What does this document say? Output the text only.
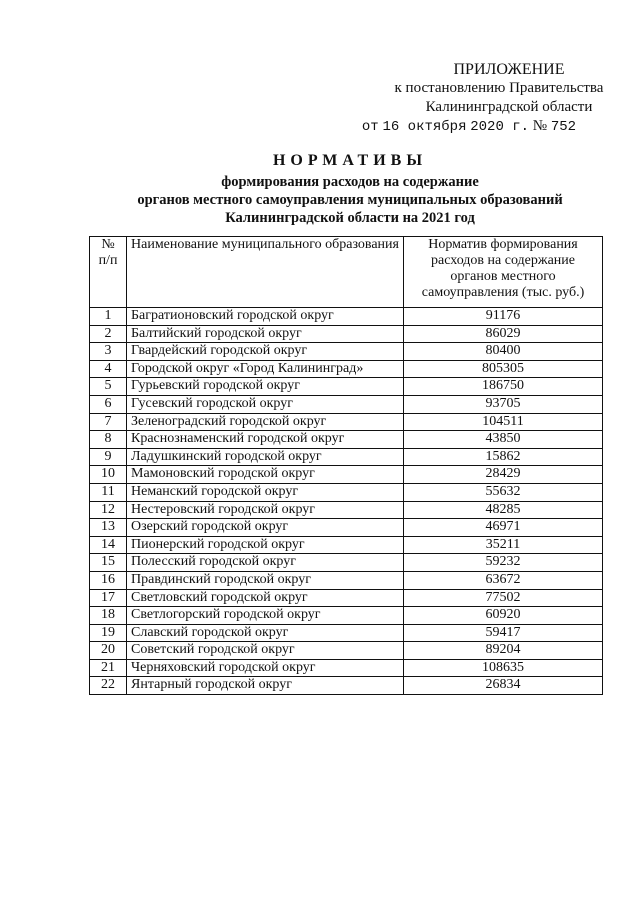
ПРИЛОЖЕНИЕ
к постановлению Правительства
Калининградской области
от 16 октября 2020 г. № 752
НОРМАТИВЫ
формирования расходов на содержание
органов местного самоуправления муниципальных образований
Калининградской области на 2021 год
№ п/п	Наименование муниципального образования	Норматив формирования расходов на содержание органов местного самоуправления (тыс. руб.)
1	Багратионовский городской округ	91176
2	Балтийский городской округ	86029
3	Гвардейский городской округ	80400
4	Городской округ «Город Калининград»	805305
5	Гурьевский городской округ	186750
6	Гусевский городской округ	93705
7	Зеленоградский городской округ	104511
8	Краснознаменский городской округ	43850
9	Ладушкинский городской округ	15862
10	Мамоновский городской округ	28429
11	Неманский городской округ	55632
12	Нестеровский городской округ	48285
13	Озерский городской округ	46971
14	Пионерский городской округ	35211
15	Полесский городской округ	59232
16	Правдинский городской округ	63672
17	Светловский городской округ	77502
18	Светлогорский городской округ	60920
19	Славский городской округ	59417
20	Советский городской округ	89204
21	Черняховский городской округ	108635
22	Янтарный городской округ	26834
